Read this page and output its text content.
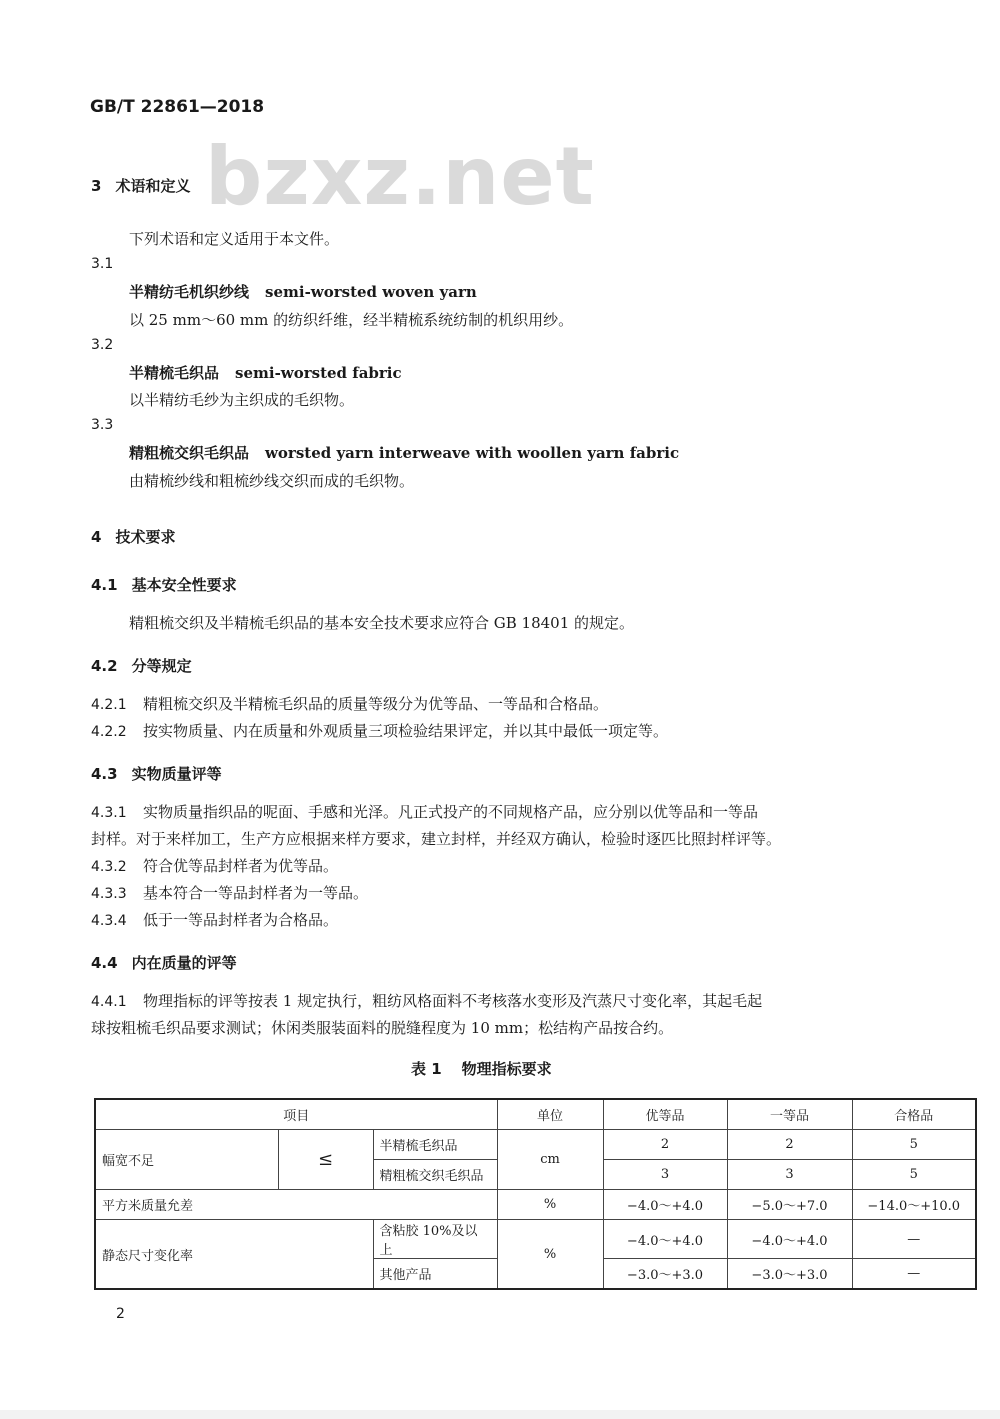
GB/T 22861—2018
bzxz.net
3 术语和定义
下列术语和定义适用于本文件。
3.1
半精纺毛机织纱线 semi-worsted woven yarn
以 25 mm～60 mm 的纺织纤维，经半精梳系统纺制的机织用纱。
3.2
半精梳毛织品 semi-worsted fabric
以半精纺毛纱为主织成的毛织物。
3.3
精粗梳交织毛织品 worsted yarn interweave with woollen yarn fabric
由精梳纱线和粗梳纱线交织而成的毛织物。
4 技术要求
4.1 基本安全性要求
精粗梳交织及半精梳毛织品的基本安全技术要求应符合 GB 18401 的规定。
4.2 分等规定
4.2.1 精粗梳交织及半精梳毛织品的质量等级分为优等品、一等品和合格品。
4.2.2 按实物质量、内在质量和外观质量三项检验结果评定，并以其中最低一项定等。
4.3 实物质量评等
4.3.1 实物质量指织品的呢面、手感和光泽。凡正式投产的不同规格产品，应分别以优等品和一等品
封样。对于来样加工，生产方应根据来样方要求，建立封样，并经双方确认，检验时逐匹比照封样评等。
4.3.2 符合优等品封样者为优等品。
4.3.3 基本符合一等品封样者为一等品。
4.3.4 低于一等品封样者为合格品。
4.4 内在质量的评等
4.4.1 物理指标的评等按表 1 规定执行，粗纺风格面料不考核落水变形及汽蒸尺寸变化率，其起毛起
球按粗梳毛织品要求测试；休闲类服装面料的脱缝程度为 10 mm；松结构产品按合约。
表 1 物理指标要求
项目			单位	优等品	一等品	合格品
幅宽不足	≤	半精梳毛织品	cm	2	2	5
		精粗梳交织毛织品		3	3	5
平方米质量允差			%	−4.0～+4.0	−5.0～+7.0	−14.0～+10.0
静态尺寸变化率		含粘胶 10%及以上	%	−4.0～+4.0	−4.0～+4.0	—
		其他产品		−3.0～+3.0	−3.0～+3.0	—
2
